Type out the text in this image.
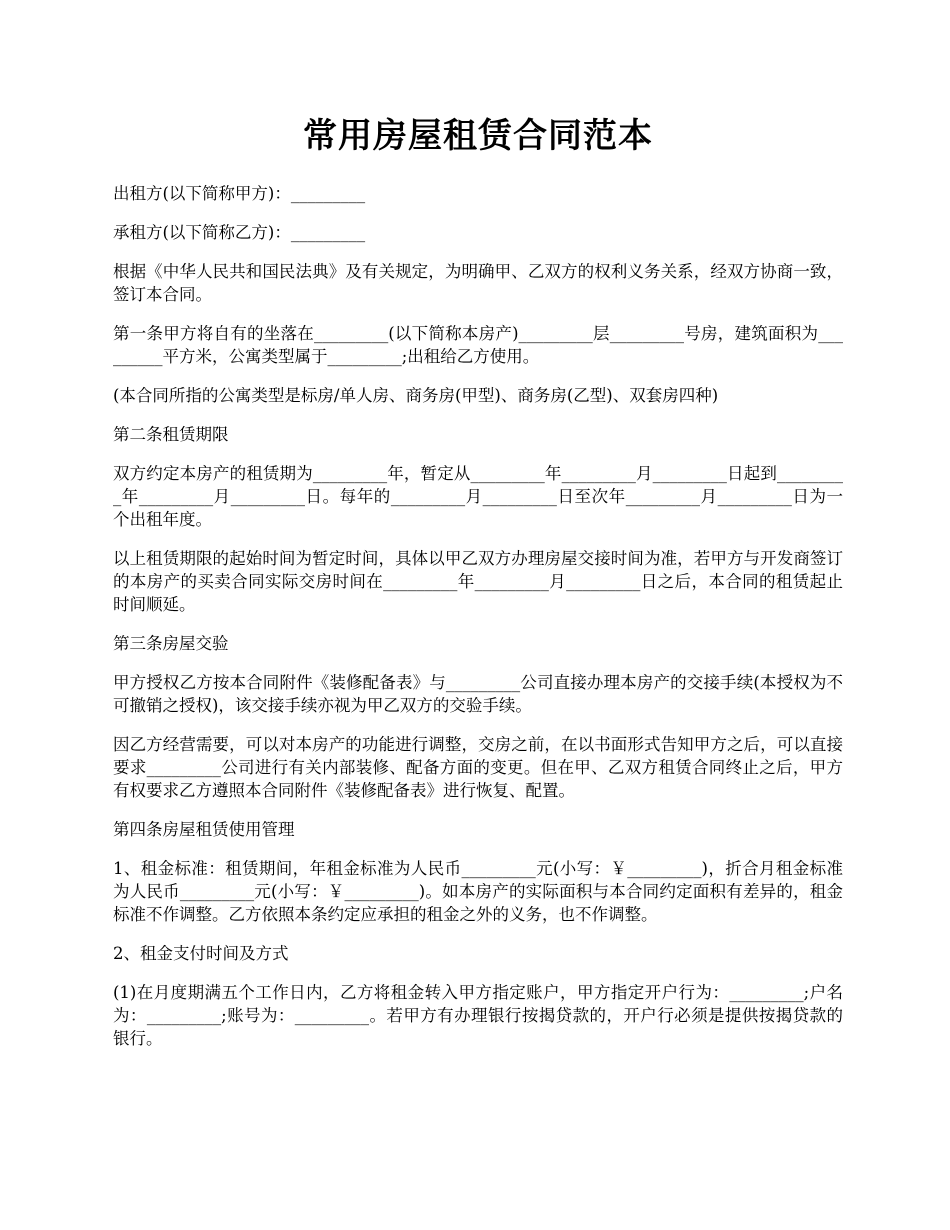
常用房屋租赁合同范本

出租方(以下简称甲方)：_________

承租方(以下简称乙方)：_________

根据《中华人民共和国民法典》及有关规定，为明确甲、乙双方的权利义务关系，经双方协商一致，签订本合同。

第一条甲方将自有的坐落在_________(以下简称本房产)_________层_________号房，建筑面积为_________平方米，公寓类型属于_________;出租给乙方使用。

(本合同所指的公寓类型是标房/单人房、商务房(甲型)、商务房(乙型)、双套房四种)

第二条租赁期限

双方约定本房产的租赁期为_________年，暂定从_________年_________月_________日起到_________年_________月_________日。每年的_________月_________日至次年_________月_________日为一个出租年度。

以上租赁期限的起始时间为暂定时间，具体以甲乙双方办理房屋交接时间为准，若甲方与开发商签订的本房产的买卖合同实际交房时间在_________年_________月_________日之后，本合同的租赁起止时间顺延。

第三条房屋交验

甲方授权乙方按本合同附件《装修配备表》与_________公司直接办理本房产的交接手续(本授权为不可撤销之授权)，该交接手续亦视为甲乙双方的交验手续。

因乙方经营需要，可以对本房产的功能进行调整，交房之前，在以书面形式告知甲方之后，可以直接要求_________公司进行有关内部装修、配备方面的变更。但在甲、乙双方租赁合同终止之后，甲方有权要求乙方遵照本合同附件《装修配备表》进行恢复、配置。

第四条房屋租赁使用管理

1、租金标准：租赁期间，年租金标准为人民币_________元(小写：￥_________)，折合月租金标准为人民币_________元(小写：￥_________)。如本房产的实际面积与本合同约定面积有差异的，租金标准不作调整。乙方依照本条约定应承担的租金之外的义务，也不作调整。

2、租金支付时间及方式

(1)在月度期满五个工作日内，乙方将租金转入甲方指定账户，甲方指定开户行为：_________;户名为：_________;账号为：_________。若甲方有办理银行按揭贷款的，开户行必须是提供按揭贷款的银行。
